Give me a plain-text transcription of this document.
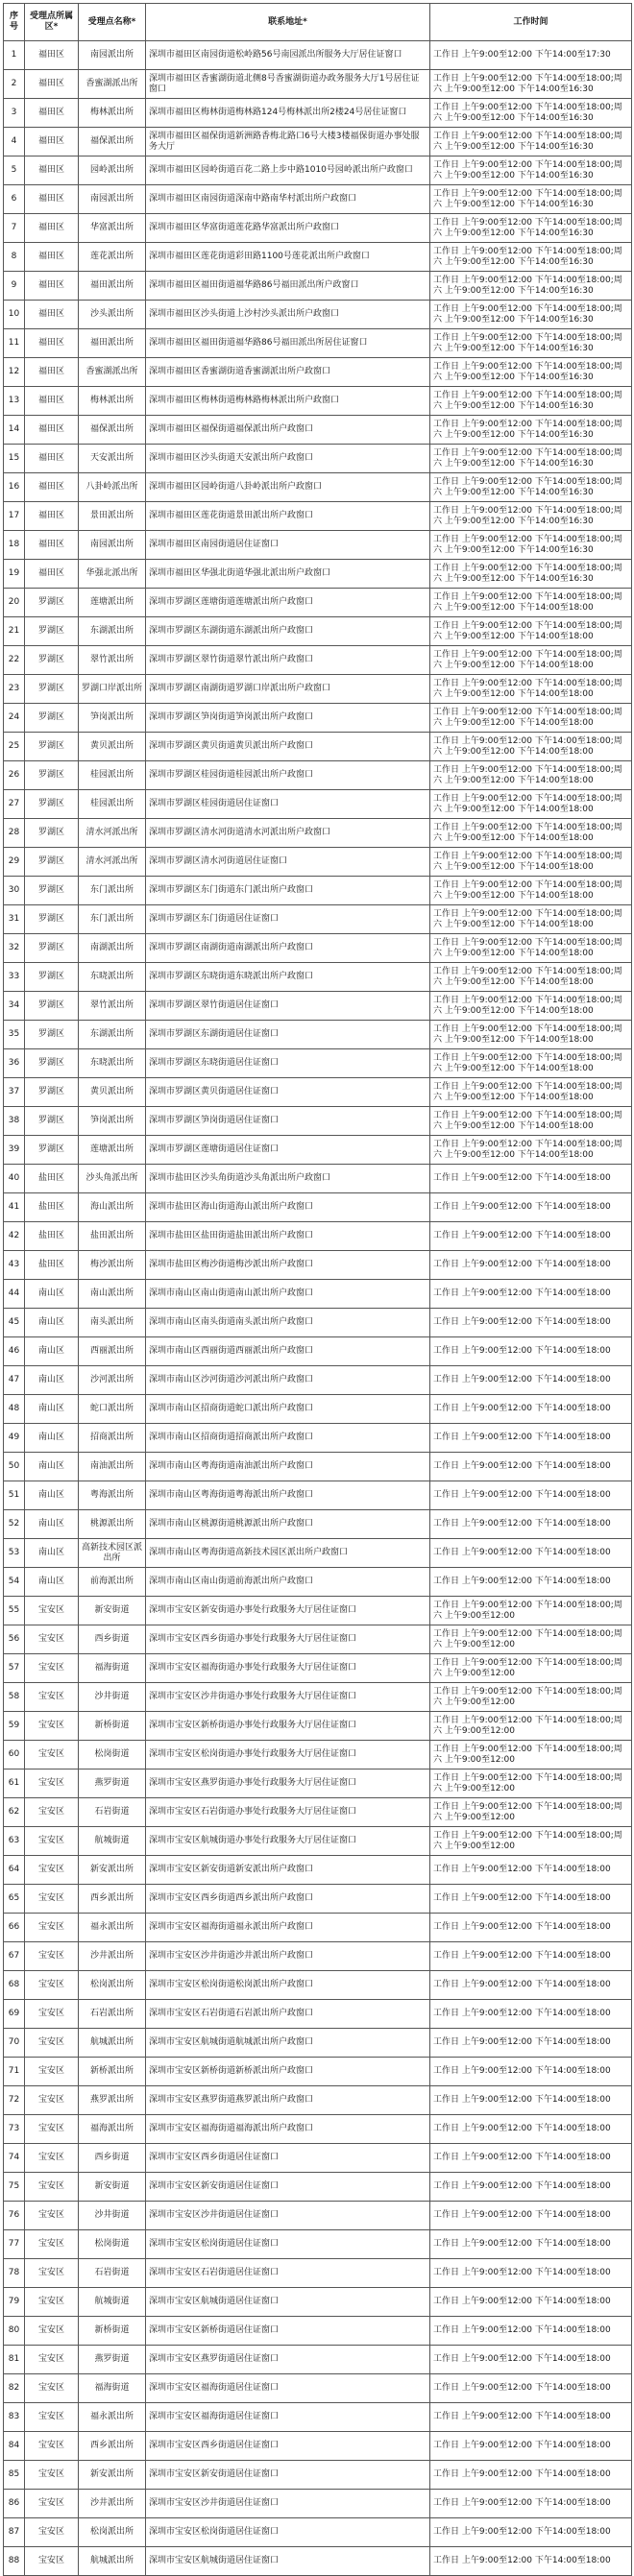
序号	受理点所属区*	受理点名称*	联系地址*	工作时间
1	福田区	南园派出所	深圳市福田区南园街道松岭路56号南园派出所服务大厅居住证窗口	工作日 上午9:00至12:00 下午14:00至17:30
2	福田区	香蜜湖派出所	深圳市福田区香蜜湖街道北侧8号香蜜湖街道办政务服务大厅1号居住证窗口	工作日 上午9:00至12:00 下午14:00至18:00;周六 上午9:00至12:00 下午14:00至16:30
3	福田区	梅林派出所	深圳市福田区梅林街道梅林路124号梅林派出所2楼24号居住证窗口	工作日 上午9:00至12:00 下午14:00至18:00;周六 上午9:00至12:00 下午14:00至16:30
4	福田区	福保派出所	深圳市福田区福保街道新洲路香梅北路口6号大楼3楼福保街道办事处服务大厅	工作日 上午9:00至12:00 下午14:00至18:00;周六 上午9:00至12:00 下午14:00至16:30
5	福田区	园岭派出所	深圳市福田区园岭街道百花二路上步中路1010号园岭派出所户政窗口	工作日 上午9:00至12:00 下午14:00至18:00;周六 上午9:00至12:00 下午14:00至16:30
6	福田区	南园派出所	深圳市福田区南园街道深南中路南华村派出所户政窗口	工作日 上午9:00至12:00 下午14:00至18:00;周六 上午9:00至12:00 下午14:00至16:30
7	福田区	华富派出所	深圳市福田区华富街道莲花路华富派出所户政窗口	工作日 上午9:00至12:00 下午14:00至18:00;周六 上午9:00至12:00 下午14:00至16:30
8	福田区	莲花派出所	深圳市福田区莲花街道彩田路1100号莲花派出所户政窗口	工作日 上午9:00至12:00 下午14:00至18:00;周六 上午9:00至12:00 下午14:00至16:30
9	福田区	福田派出所	深圳市福田区福田街道福华路86号福田派出所户政窗口	工作日 上午9:00至12:00 下午14:00至18:00;周六 上午9:00至12:00 下午14:00至16:30
10	福田区	沙头派出所	深圳市福田区沙头街道上沙村沙头派出所户政窗口	工作日 上午9:00至12:00 下午14:00至18:00;周六 上午9:00至12:00 下午14:00至16:30
11	福田区	福田派出所	深圳市福田区福田街道福华路86号福田派出所居住证窗口	工作日 上午9:00至12:00 下午14:00至18:00;周六 上午9:00至12:00 下午14:00至16:30
12	福田区	香蜜湖派出所	深圳市福田区香蜜湖街道香蜜湖派出所户政窗口	工作日 上午9:00至12:00 下午14:00至18:00;周六 上午9:00至12:00 下午14:00至16:30
13	福田区	梅林派出所	深圳市福田区梅林街道梅林路梅林派出所户政窗口	工作日 上午9:00至12:00 下午14:00至18:00;周六 上午9:00至12:00 下午14:00至16:30
14	福田区	福保派出所	深圳市福田区福保街道福保派出所户政窗口	工作日 上午9:00至12:00 下午14:00至18:00;周六 上午9:00至12:00 下午14:00至16:30
15	福田区	天安派出所	深圳市福田区沙头街道天安派出所户政窗口	工作日 上午9:00至12:00 下午14:00至18:00;周六 上午9:00至12:00 下午14:00至16:30
16	福田区	八卦岭派出所	深圳市福田区园岭街道八卦岭派出所户政窗口	工作日 上午9:00至12:00 下午14:00至18:00;周六 上午9:00至12:00 下午14:00至16:30
17	福田区	景田派出所	深圳市福田区莲花街道景田派出所户政窗口	工作日 上午9:00至12:00 下午14:00至18:00;周六 上午9:00至12:00 下午14:00至16:30
18	福田区	南园派出所	深圳市福田区南园街道居住证窗口	工作日 上午9:00至12:00 下午14:00至18:00;周六 上午9:00至12:00 下午14:00至16:30
19	福田区	华强北派出所	深圳市福田区华强北街道华强北派出所户政窗口	工作日 上午9:00至12:00 下午14:00至18:00;周六 上午9:00至12:00 下午14:00至16:30
20	罗湖区	莲塘派出所	深圳市罗湖区莲塘街道莲塘派出所户政窗口	工作日 上午9:00至12:00 下午14:00至18:00;周六 上午9:00至12:00 下午14:00至18:00
21	罗湖区	东湖派出所	深圳市罗湖区东湖街道东湖派出所户政窗口	工作日 上午9:00至12:00 下午14:00至18:00;周六 上午9:00至12:00 下午14:00至18:00
22	罗湖区	翠竹派出所	深圳市罗湖区翠竹街道翠竹派出所户政窗口	工作日 上午9:00至12:00 下午14:00至18:00;周六 上午9:00至12:00 下午14:00至18:00
23	罗湖区	罗湖口岸派出所	深圳市罗湖区南湖街道罗湖口岸派出所户政窗口	工作日 上午9:00至12:00 下午14:00至18:00;周六 上午9:00至12:00 下午14:00至18:00
24	罗湖区	笋岗派出所	深圳市罗湖区笋岗街道笋岗派出所户政窗口	工作日 上午9:00至12:00 下午14:00至18:00;周六 上午9:00至12:00 下午14:00至18:00
25	罗湖区	黄贝派出所	深圳市罗湖区黄贝街道黄贝派出所户政窗口	工作日 上午9:00至12:00 下午14:00至18:00;周六 上午9:00至12:00 下午14:00至18:00
26	罗湖区	桂园派出所	深圳市罗湖区桂园街道桂园派出所户政窗口	工作日 上午9:00至12:00 下午14:00至18:00;周六 上午9:00至12:00 下午14:00至18:00
27	罗湖区	桂园派出所	深圳市罗湖区桂园街道居住证窗口	工作日 上午9:00至12:00 下午14:00至18:00;周六 上午9:00至12:00 下午14:00至18:00
28	罗湖区	清水河派出所	深圳市罗湖区清水河街道清水河派出所户政窗口	工作日 上午9:00至12:00 下午14:00至18:00;周六 上午9:00至12:00 下午14:00至18:00
29	罗湖区	清水河派出所	深圳市罗湖区清水河街道居住证窗口	工作日 上午9:00至12:00 下午14:00至18:00;周六 上午9:00至12:00 下午14:00至18:00
30	罗湖区	东门派出所	深圳市罗湖区东门街道东门派出所户政窗口	工作日 上午9:00至12:00 下午14:00至18:00;周六 上午9:00至12:00 下午14:00至18:00
31	罗湖区	东门派出所	深圳市罗湖区东门街道居住证窗口	工作日 上午9:00至12:00 下午14:00至18:00;周六 上午9:00至12:00 下午14:00至18:00
32	罗湖区	南湖派出所	深圳市罗湖区南湖街道南湖派出所户政窗口	工作日 上午9:00至12:00 下午14:00至18:00;周六 上午9:00至12:00 下午14:00至18:00
33	罗湖区	东晓派出所	深圳市罗湖区东晓街道东晓派出所户政窗口	工作日 上午9:00至12:00 下午14:00至18:00;周六 上午9:00至12:00 下午14:00至18:00
34	罗湖区	翠竹派出所	深圳市罗湖区翠竹街道居住证窗口	工作日 上午9:00至12:00 下午14:00至18:00;周六 上午9:00至12:00 下午14:00至18:00
35	罗湖区	东湖派出所	深圳市罗湖区东湖街道居住证窗口	工作日 上午9:00至12:00 下午14:00至18:00;周六 上午9:00至12:00 下午14:00至18:00
36	罗湖区	东晓派出所	深圳市罗湖区东晓街道居住证窗口	工作日 上午9:00至12:00 下午14:00至18:00;周六 上午9:00至12:00 下午14:00至18:00
37	罗湖区	黄贝派出所	深圳市罗湖区黄贝街道居住证窗口	工作日 上午9:00至12:00 下午14:00至18:00;周六 上午9:00至12:00 下午14:00至18:00
38	罗湖区	笋岗派出所	深圳市罗湖区笋岗街道居住证窗口	工作日 上午9:00至12:00 下午14:00至18:00;周六 上午9:00至12:00 下午14:00至18:00
39	罗湖区	莲塘派出所	深圳市罗湖区莲塘街道居住证窗口	工作日 上午9:00至12:00 下午14:00至18:00;周六 上午9:00至12:00 下午14:00至18:00
40	盐田区	沙头角派出所	深圳市盐田区沙头角街道沙头角派出所户政窗口	工作日 上午9:00至12:00 下午14:00至18:00
41	盐田区	海山派出所	深圳市盐田区海山街道海山派出所户政窗口	工作日 上午9:00至12:00 下午14:00至18:00
42	盐田区	盐田派出所	深圳市盐田区盐田街道盐田派出所户政窗口	工作日 上午9:00至12:00 下午14:00至18:00
43	盐田区	梅沙派出所	深圳市盐田区梅沙街道梅沙派出所户政窗口	工作日 上午9:00至12:00 下午14:00至18:00
44	南山区	南山派出所	深圳市南山区南山街道南山派出所户政窗口	工作日 上午9:00至12:00 下午14:00至18:00
45	南山区	南头派出所	深圳市南山区南头街道南头派出所户政窗口	工作日 上午9:00至12:00 下午14:00至18:00
46	南山区	西丽派出所	深圳市南山区西丽街道西丽派出所户政窗口	工作日 上午9:00至12:00 下午14:00至18:00
47	南山区	沙河派出所	深圳市南山区沙河街道沙河派出所户政窗口	工作日 上午9:00至12:00 下午14:00至18:00
48	南山区	蛇口派出所	深圳市南山区招商街道蛇口派出所户政窗口	工作日 上午9:00至12:00 下午14:00至18:00
49	南山区	招商派出所	深圳市南山区招商街道招商派出所户政窗口	工作日 上午9:00至12:00 下午14:00至18:00
50	南山区	南油派出所	深圳市南山区粤海街道南油派出所户政窗口	工作日 上午9:00至12:00 下午14:00至18:00
51	南山区	粤海派出所	深圳市南山区粤海街道粤海派出所户政窗口	工作日 上午9:00至12:00 下午14:00至18:00
52	南山区	桃源派出所	深圳市南山区桃源街道桃源派出所户政窗口	工作日 上午9:00至12:00 下午14:00至18:00
53	南山区	高新技术园区派出所	深圳市南山区粤海街道高新技术园区派出所户政窗口	工作日 上午9:00至12:00 下午14:00至18:00
54	南山区	前海派出所	深圳市南山区南山街道前海派出所户政窗口	工作日 上午9:00至12:00 下午14:00至18:00
55	宝安区	新安街道	深圳市宝安区新安街道办事处行政服务大厅居住证窗口	工作日 上午9:00至12:00 下午14:00至18:00;周六 上午9:00至12:00
56	宝安区	西乡街道	深圳市宝安区西乡街道办事处行政服务大厅居住证窗口	工作日 上午9:00至12:00 下午14:00至18:00;周六 上午9:00至12:00
57	宝安区	福海街道	深圳市宝安区福海街道办事处行政服务大厅居住证窗口	工作日 上午9:00至12:00 下午14:00至18:00;周六 上午9:00至12:00
58	宝安区	沙井街道	深圳市宝安区沙井街道办事处行政服务大厅居住证窗口	工作日 上午9:00至12:00 下午14:00至18:00;周六 上午9:00至12:00
59	宝安区	新桥街道	深圳市宝安区新桥街道办事处行政服务大厅居住证窗口	工作日 上午9:00至12:00 下午14:00至18:00;周六 上午9:00至12:00
60	宝安区	松岗街道	深圳市宝安区松岗街道办事处行政服务大厅居住证窗口	工作日 上午9:00至12:00 下午14:00至18:00;周六 上午9:00至12:00
61	宝安区	燕罗街道	深圳市宝安区燕罗街道办事处行政服务大厅居住证窗口	工作日 上午9:00至12:00 下午14:00至18:00;周六 上午9:00至12:00
62	宝安区	石岩街道	深圳市宝安区石岩街道办事处行政服务大厅居住证窗口	工作日 上午9:00至12:00 下午14:00至18:00;周六 上午9:00至12:00
63	宝安区	航城街道	深圳市宝安区航城街道办事处行政服务大厅居住证窗口	工作日 上午9:00至12:00 下午14:00至18:00;周六 上午9:00至12:00
64	宝安区	新安派出所	深圳市宝安区新安街道新安派出所户政窗口	工作日 上午9:00至12:00 下午14:00至18:00
65	宝安区	西乡派出所	深圳市宝安区西乡街道西乡派出所户政窗口	工作日 上午9:00至12:00 下午14:00至18:00
66	宝安区	福永派出所	深圳市宝安区福海街道福永派出所户政窗口	工作日 上午9:00至12:00 下午14:00至18:00
67	宝安区	沙井派出所	深圳市宝安区沙井街道沙井派出所户政窗口	工作日 上午9:00至12:00 下午14:00至18:00
68	宝安区	松岗派出所	深圳市宝安区松岗街道松岗派出所户政窗口	工作日 上午9:00至12:00 下午14:00至18:00
69	宝安区	石岩派出所	深圳市宝安区石岩街道石岩派出所户政窗口	工作日 上午9:00至12:00 下午14:00至18:00
70	宝安区	航城派出所	深圳市宝安区航城街道航城派出所户政窗口	工作日 上午9:00至12:00 下午14:00至18:00
71	宝安区	新桥派出所	深圳市宝安区新桥街道新桥派出所户政窗口	工作日 上午9:00至12:00 下午14:00至18:00
72	宝安区	燕罗派出所	深圳市宝安区燕罗街道燕罗派出所户政窗口	工作日 上午9:00至12:00 下午14:00至18:00
73	宝安区	福海派出所	深圳市宝安区福海街道福海派出所户政窗口	工作日 上午9:00至12:00 下午14:00至18:00
74	宝安区	西乡街道	深圳市宝安区西乡街道居住证窗口	工作日 上午9:00至12:00 下午14:00至18:00
75	宝安区	新安街道	深圳市宝安区新安街道居住证窗口	工作日 上午9:00至12:00 下午14:00至18:00
76	宝安区	沙井街道	深圳市宝安区沙井街道居住证窗口	工作日 上午9:00至12:00 下午14:00至18:00
77	宝安区	松岗街道	深圳市宝安区松岗街道居住证窗口	工作日 上午9:00至12:00 下午14:00至18:00
78	宝安区	石岩街道	深圳市宝安区石岩街道居住证窗口	工作日 上午9:00至12:00 下午14:00至18:00
79	宝安区	航城街道	深圳市宝安区航城街道居住证窗口	工作日 上午9:00至12:00 下午14:00至18:00
80	宝安区	新桥街道	深圳市宝安区新桥街道居住证窗口	工作日 上午9:00至12:00 下午14:00至18:00
81	宝安区	燕罗街道	深圳市宝安区燕罗街道居住证窗口	工作日 上午9:00至12:00 下午14:00至18:00
82	宝安区	福海街道	深圳市宝安区福海街道居住证窗口	工作日 上午9:00至12:00 下午14:00至18:00
83	宝安区	福永派出所	深圳市宝安区福海街道居住证窗口	工作日 上午9:00至12:00 下午14:00至18:00
84	宝安区	西乡派出所	深圳市宝安区西乡街道居住证窗口	工作日 上午9:00至12:00 下午14:00至18:00
85	宝安区	新安派出所	深圳市宝安区新安街道居住证窗口	工作日 上午9:00至12:00 下午14:00至18:00
86	宝安区	沙井派出所	深圳市宝安区沙井街道居住证窗口	工作日 上午9:00至12:00 下午14:00至18:00
87	宝安区	松岗派出所	深圳市宝安区松岗街道居住证窗口	工作日 上午9:00至12:00 下午14:00至18:00
88	宝安区	航城派出所	深圳市宝安区航城街道居住证窗口	工作日 上午9:00至12:00 下午14:00至18:00
